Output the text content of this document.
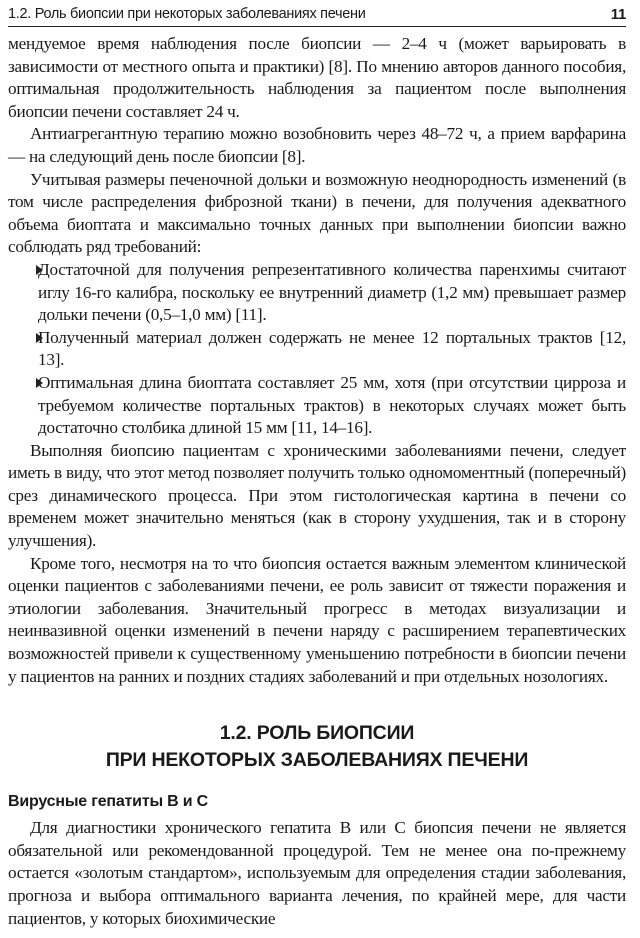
1.2. Роль биопсии при некоторых заболеваниях печени	11

мендуемое время наблюдения после биопсии — 2–4 ч (может варьировать в зависимости от местного опыта и практики) [8]. По мнению авторов данного пособия, оптимальная продолжительность наблюдения за пациентом после выполнения биопсии печени составляет 24 ч.

Антиагрегантную терапию можно возобновить через 48–72 ч, а прием варфарина — на следующий день после биопсии [8].

Учитывая размеры печеночной дольки и возможную неоднородность изменений (в том числе распределения фиброзной ткани) в печени, для получения адекватного объема биоптата и максимально точных данных при выполнении биопсии важно соблюдать ряд требований:

Достаточной для получения репрезентативного количества паренхимы считают иглу 16-го калибра, поскольку ее внутренний диаметр (1,2 мм) превышает размер дольки печени (0,5–1,0 мм) [11].
Полученный материал должен содержать не менее 12 портальных трактов [12, 13].
Оптимальная длина биоптата составляет 25 мм, хотя (при отсутствии цирроза и требуемом количестве портальных трактов) в некоторых случаях может быть достаточно столбика длиной 15 мм [11, 14–16].

Выполняя биопсию пациентам с хроническими заболеваниями печени, следует иметь в виду, что этот метод позволяет получить только одномоментный (поперечный) срез динамического процесса. При этом гистологическая картина в печени со временем может значительно меняться (как в сторону ухудшения, так и в сторону улучшения).

Кроме того, несмотря на то что биопсия остается важным элементом клинической оценки пациентов с заболеваниями печени, ее роль зависит от тяжести поражения и этиологии заболевания. Значительный прогресс в методах визуализации и неинвазивной оценки изменений в печени наряду с расширением терапевтических возможностей привели к существенному уменьшению потребности в биопсии печени у пациентов на ранних и поздних стадиях заболеваний и при отдельных нозологиях.

1.2. РОЛЬ БИОПСИИ
ПРИ НЕКОТОРЫХ ЗАБОЛЕВАНИЯХ ПЕЧЕНИ
Вирусные гепатиты B и C

Для диагностики хронического гепатита B или C биопсия печени не является обязательной или рекомендованной процедурой. Тем не менее она по-прежнему остается «золотым стандартом», используемым для определения стадии заболевания, прогноза и выбора оптимального варианта лечения, по крайней мере, для части пациентов, у которых биохимические
